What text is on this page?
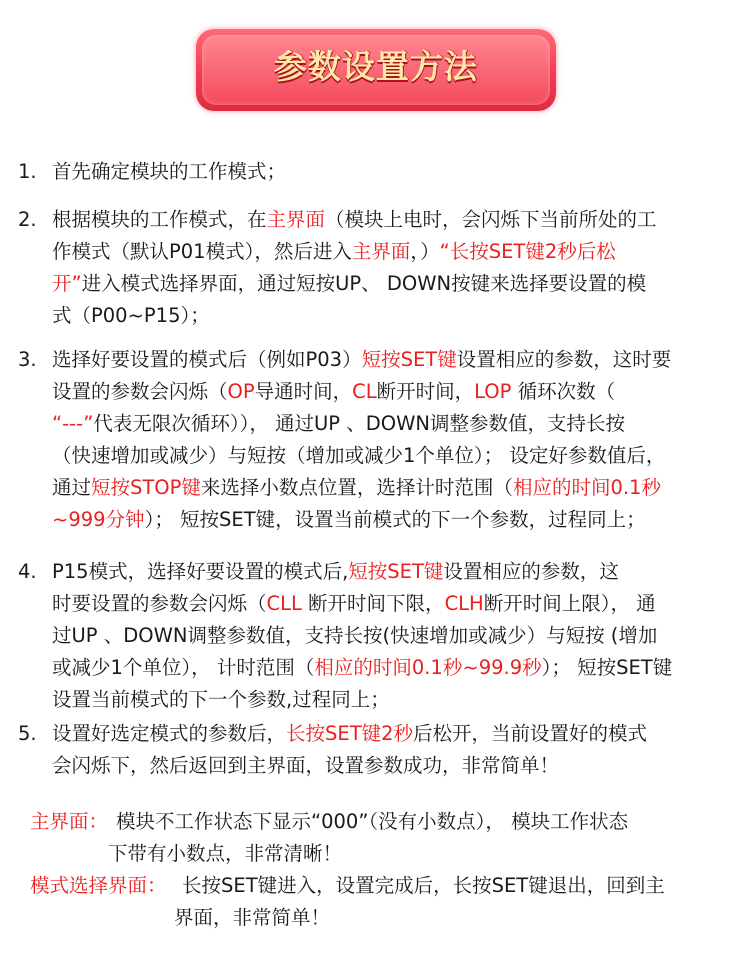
参数设置方法
1. 首先确定模块的工作模式；
2. 根据模块的工作模式，在主界面（模块上电时，会闪烁下当前所处的工
作模式（默认P01模式），然后进入主界面，）“长按SET键2秒后松
开”进入模式选择界面，通过短按UP、 DOWN按键来选择要设置的模
式（P00~P15）；
3. 选择好要设置的模式后（例如P03）短按SET键设置相应的参数，这时要
设置的参数会闪烁（OP导通时间，CL断开时间，LOP 循环次数（
“---”代表无限次循环））， 通过UP 、DOWN调整参数值，支持长按
（快速增加或减少）与短按（增加或减少1个单位）； 设定好参数值后，
通过短按STOP键来选择小数点位置，选择计时范围（相应的时间0.1秒
~999分钟）； 短按SET键，设置当前模式的下一个参数，过程同上；
4. P15模式，选择好要设置的模式后,短按SET键设置相应的参数，这
时要设置的参数会闪烁（CLL 断开时间下限，CLH断开时间上限）， 通
过UP 、DOWN调整参数值，支持长按(快速增加或减少）与短按 (增加
或减少1个单位）， 计时范围（相应的时间0.1秒~99.9秒）； 短按SET键
设置当前模式的下一个参数,过程同上；
5. 设置好选定模式的参数后，长按SET键2秒后松开，当前设置好的模式
会闪烁下，然后返回到主界面，设置参数成功，非常简单！
主界面： 模块不工作状态下显示“000”（没有小数点）， 模块工作状态
下带有小数点，非常清晰！
模式选择界面： 长按SET键进入，设置完成后，长按SET键退出，回到主
界面，非常简单！
